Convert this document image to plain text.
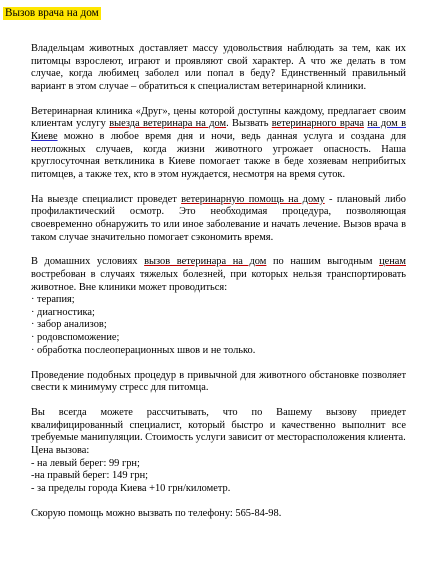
Вызов врача на дом

Владельцам животных доставляет массу удовольствия наблюдать за тем, как их питомцы взрослеют, играют и проявляют свой характер. А что же делать в том случае, когда любимец заболел или попал в беду? Единственный правильный вариант в этом случае – обратиться к специалистам ветеринарной клиники.

Ветеринарная клиника «Друг», цены которой доступны каждому, предлагает своим клиентам услугу выезда ветеринара на дом. Вызвать ветеринарного врача на дом в Киеве можно в любое время дня и ночи, ведь данная услуга и создана для неотложных случаев, когда жизни животного угрожает опасность. Наша круглосуточная ветклиника в Киеве помогает также в беде хозяевам неприбитых питомцев, а также тех, кто в этом нуждается, несмотря на время суток.

На выезде специалист проведет ветеринарную помощь на дому - плановый либо профилактический осмотр. Это необходимая процедура, позволяющая своевременно обнаружить то или иное заболевание и начать лечение. Вызов врача в таком случае значительно помогает сэкономить время.

В домашних условиях вызов ветеринара на дом по нашим выгодным ценам востребован в случаях тяжелых болезней, при которых нельзя транспортировать животное. Вне клиники может проводиться:
· терапия;
· диагностика;
· забор анализов;
· родовспоможение;
· обработка послеоперационных швов и не только.

Проведение подобных процедур в привычной для животного обстановке позволяет свести к минимуму стресс для питомца.

Вы всегда можете рассчитывать, что по Вашему вызову приедет квалифицированный специалист, который быстро и качественно выполнит все требуемые манипуляции. Стоимость услуги зависит от месторасположения клиента.
Цена вызова:
- на левый берег: 99 грн;
-на правый берег: 149 грн;
- за пределы города Киева +10 грн/километр.

Скорую помощь можно вызвать по телефону: 565-84-98.
